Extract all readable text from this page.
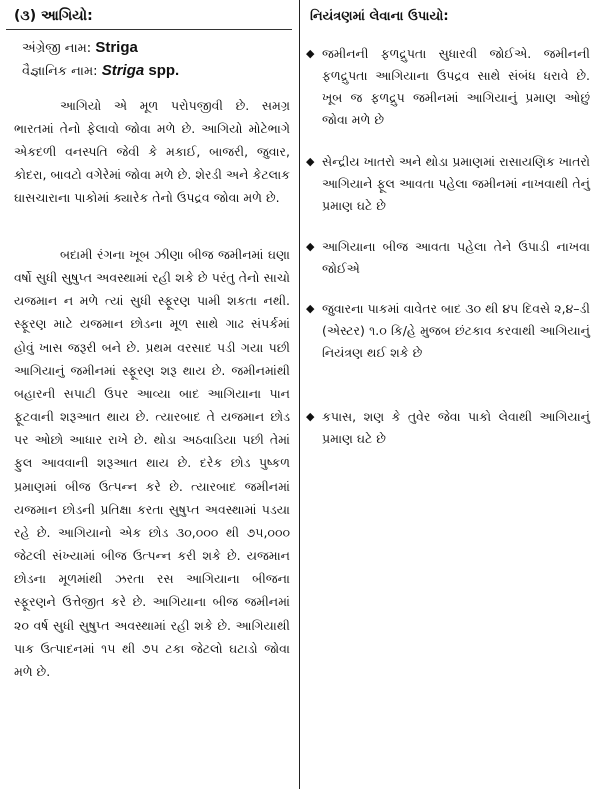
(૩) આગિયો:
અંગ્રેજી નામ: Striga
વૈજ્ઞાનિક નામ: Striga spp.

આગિયો એ મૂળ પરોપજીવી છે. સમગ્ર ભારતમાં તેનો ફેલાવો જોવા મળે છે. આગિયો મોટેભાગે એકદળી વનસ્પતિ જેવી કે મકાઈ, બાજરી, જુવાર, કોદરા, બાવટો વગેરેમાં જોવા મળે છે. શેરડી અને કેટલાક ઘાસચારાના પાકોમાં ક્યારેક તેનો ઉપદ્રવ જોવા મળે છે.

બદામી રંગના ખૂબ ઝીણા બીજ જમીનમાં ઘણા વર્ષો સુધી સુષુપ્ત અવસ્થામાં રહી શકે છે પરંતુ તેનો સાચો યજમાન ન મળે ત્યાં સુધી સ્ફૂરણ પામી શકતા નથી. સ્ફૂરણ માટે યજમાન છોડના મૂળ સાથે ગાઢ સંપર્કમાં હોવું ખાસ જરૂરી બને છે. પ્રથમ વરસાદ પડી ગયા પછી આગિયાનું જમીનમાં સ્ફૂરણ શરૂ થાય છે. જમીનમાંથી બહારની સપાટી ઉપર આવ્યા બાદ આગિયાના પાન ફૂટવાની શરૂઆત થાય છે. ત્યારબાદ તે યજમાન છોડ પર ઓછો આધાર રાખે છે. થોડા અઠવાડિયા પછી તેમાં ફુલ આવવાની શરૂઆત થાય છે. દરેક છોડ પુષ્કળ પ્રમાણમાં બીજ ઉત્પન્ન કરે છે. ત્યારબાદ જમીનમાં યજમાન છોડની પ્રતિક્ષા કરતા સુષુપ્ત અવસ્થામાં પડયા રહે છે. આગિયાનો એક છોડ ૩૦,૦૦૦ થી ૭૫,૦૦૦ જેટલી સંખ્યામાં બીજ ઉત્પન્ન કરી શકે છે. યજમાન છોડના મૂળમાંથી ઝરતા રસ આગિયાના બીજના સ્ફૂરણને ઉત્તેજીત કરે છે. આગિયાના બીજ જમીનમાં ૨૦ વર્ષ સુધી સુષુપ્ત અવસ્થામાં રહી શકે છે. આગિયાથી પાક ઉત્પાદનમાં ૧૫ થી ૭૫ ટકા જેટલો ઘટાડો જોવા મળે છે.

નિયંત્રણમાં લેવાના ઉપાયો:
◆ જમીનની ફળદ્રુપતા સુધારવી જોઈએ. જમીનની ફળદ્રુપતા આગિયાના ઉપદ્રવ સાથે સંબંધ ધરાવે છે. ખૂબ જ ફળદ્રુપ જમીનમાં આગિયાનું પ્રમાણ ઓછું જોવા મળે છે

◆ સેન્દ્રીય ખાતરો અને થોડા પ્રમાણમાં રાસાયણિક ખાતરો આગિયાને ફૂલ આવતા પહેલા જમીનમાં નાખવાથી તેનું પ્રમાણ ઘટે છે

◆ આગિયાના બીજ આવતા પહેલા તેને ઉપાડી નાખવા જોઈએ

◆ જુવારના પાકમાં વાવેતર બાદ ૩૦ થી ૪૫ દિવસે ૨,૪–ડી (એસ્ટર) ૧.૦ કિ/હે મુજબ છંટકાવ કરવાથી આગિયાનું નિયંત્રણ થઈ શકે છે

◆ કપાસ, શણ કે તુવેર જેવા પાકો લેવાથી આગિયાનું પ્રમાણ ઘટે છે
